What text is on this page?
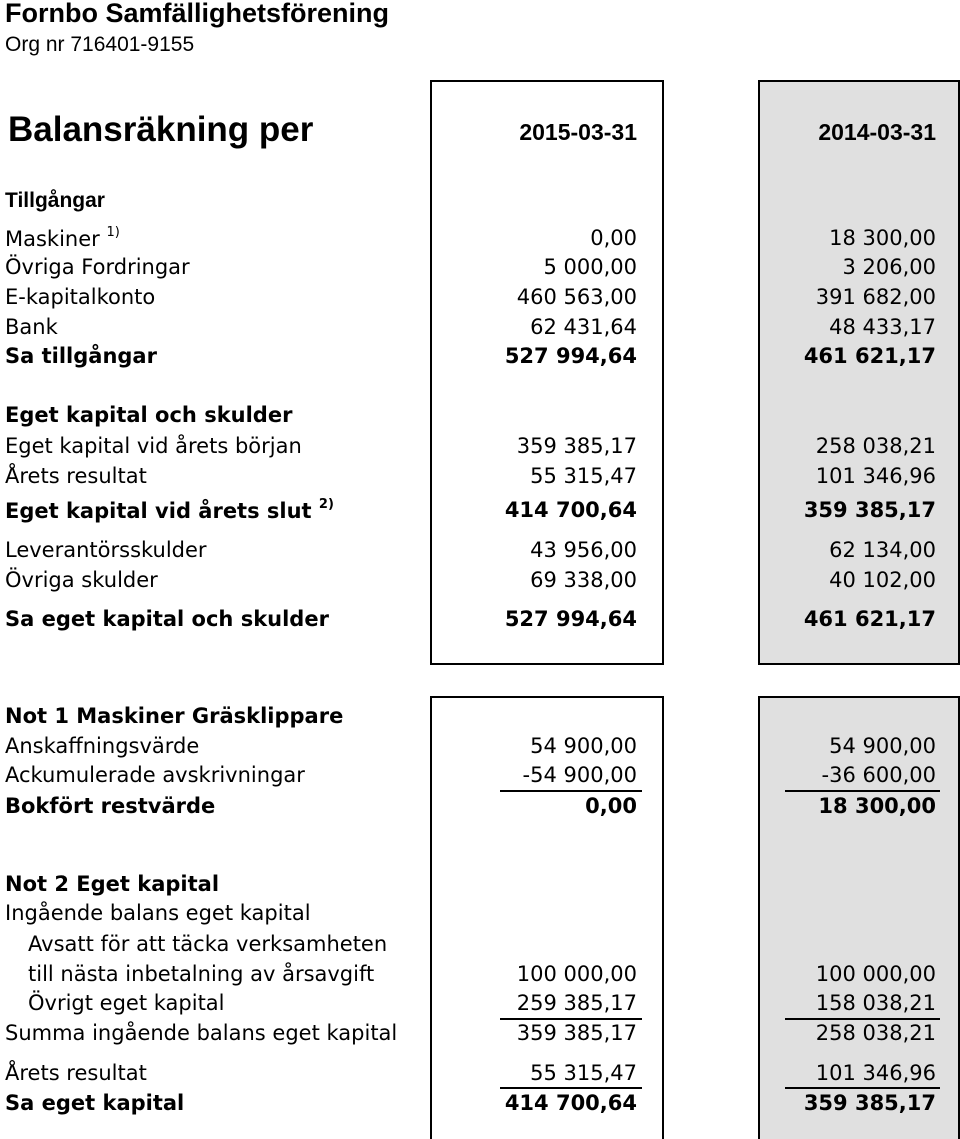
Fornbo Samfällighetsförening
Org nr 716401-9155
Balansräkning per	2015-03-31	2014-03-31
Tillgångar
Maskiner $^{1)}$	0,00	18 300,00
Övriga Fordringar	5 000,00	3 206,00
E-kapitalkonto	460 563,00	391 682,00
Bank	62 431,64	48 433,17
Sa tillgångar	527 994,64	461 621,17
Eget kapital och skulder
Eget kapital vid årets början	359 385,17	258 038,21
Årets resultat	55 315,47	101 346,96
Eget kapital vid årets slut $^{2)}$	414 700,64	359 385,17
Leverantörsskulder	43 956,00	62 134,00
Övriga skulder	69 338,00	40 102,00
Sa eget kapital och skulder	527 994,64	461 621,17
Not 1 Maskiner Gräsklippare
Anskaffningsvärde	54 900,00	54 900,00
Ackumulerade avskrivningar	-54 900,00	-36 600,00
Bokfört restvärde	0,00	18 300,00
Not 2 Eget kapital
Ingående balans eget kapital
Avsatt för att täcka verksamheten
till nästa inbetalning av årsavgift	100 000,00	100 000,00
Övrigt eget kapital	259 385,17	158 038,21
Summa ingående balans eget kapital	359 385,17	258 038,21
Årets resultat	55 315,47	101 346,96
Sa eget kapital	414 700,64	359 385,17
